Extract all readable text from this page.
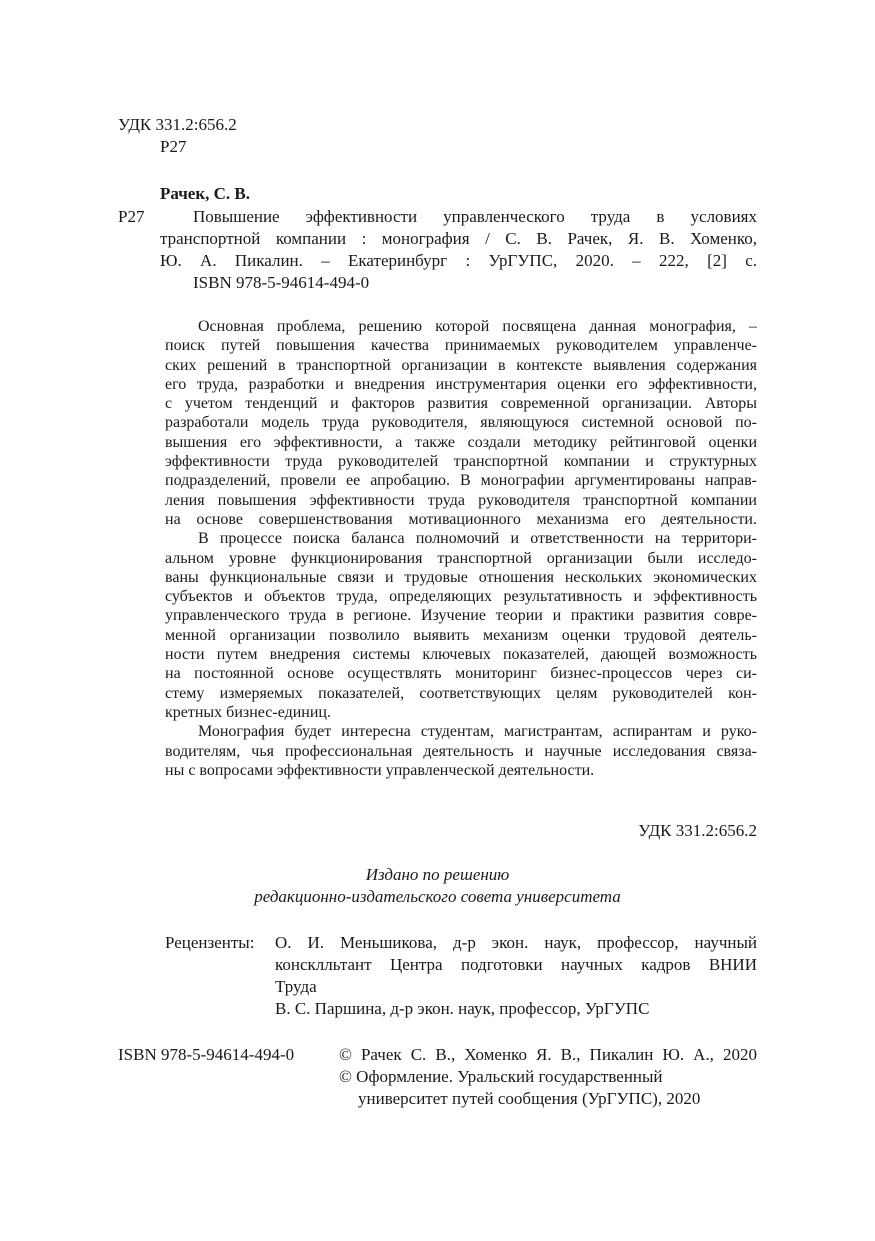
УДК 331.2:656.2
Р27
Рачек, С. В.
Р27	Повышение эффективности управленческого труда в условиях
транспортной компании : монография / С. В. Рачек, Я. В. Хоменко,
Ю. А. Пикалин. – Екатеринбург : УрГУПС, 2020. – 222, [2] с.
ISBN 978-5-94614-494-0
Основная проблема, решению которой посвящена данная монография, –
поиск путей повышения качества принимаемых руководителем управленче-
ских решений в транспортной организации в контексте выявления содержания
его труда, разработки и внедрения инструментария оценки его эффективности,
с учетом тенденций и факторов развития современной организации. Авторы
разработали модель труда руководителя, являющуюся системной основой по-
вышения его эффективности, а также создали методику рейтинговой оценки
эффективности труда руководителей транспортной компании и структурных
подразделений, провели ее апробацию. В монографии аргументированы направ-
ления повышения эффективности труда руководителя транспортной компании
на основе совершенствования мотивационного механизма его деятельности.
В процессе поиска баланса полномочий и ответственности на территори-
альном уровне функционирования транспортной организации были исследо-
ваны функциональные связи и трудовые отношения нескольких экономических
субъектов и объектов труда, определяющих результативность и эффективность
управленческого труда в регионе. Изучение теории и практики развития совре-
менной организации позволило выявить механизм оценки трудовой деятель-
ности путем внедрения системы ключевых показателей, дающей возможность
на постоянной основе осуществлять мониторинг бизнес-процессов через си-
стему измеряемых показателей, соответствующих целям руководителей кон-
кретных бизнес-единиц.
Монография будет интересна студентам, магистрантам, аспирантам и руко-
водителям, чья профессиональная деятельность и научные исследования связа-
ны с вопросами эффективности управленческой деятельности.
УДК 331.2:656.2
Издано по решению
редакционно-издательского совета университета
Рецензенты: О. И. Меньшикова, д-р экон. наук, профессор, научный
консклльтант Центра подготовки научных кадров ВНИИ
Труда
В. С. Паршина, д-р экон. наук, профессор, УрГУПС
ISBN 978-5-94614-494-0	© Рачек С. В., Хоменко Я. В., Пикалин Ю. А., 2020
© Оформление. Уральский государственный
университет путей сообщения (УрГУПС), 2020
